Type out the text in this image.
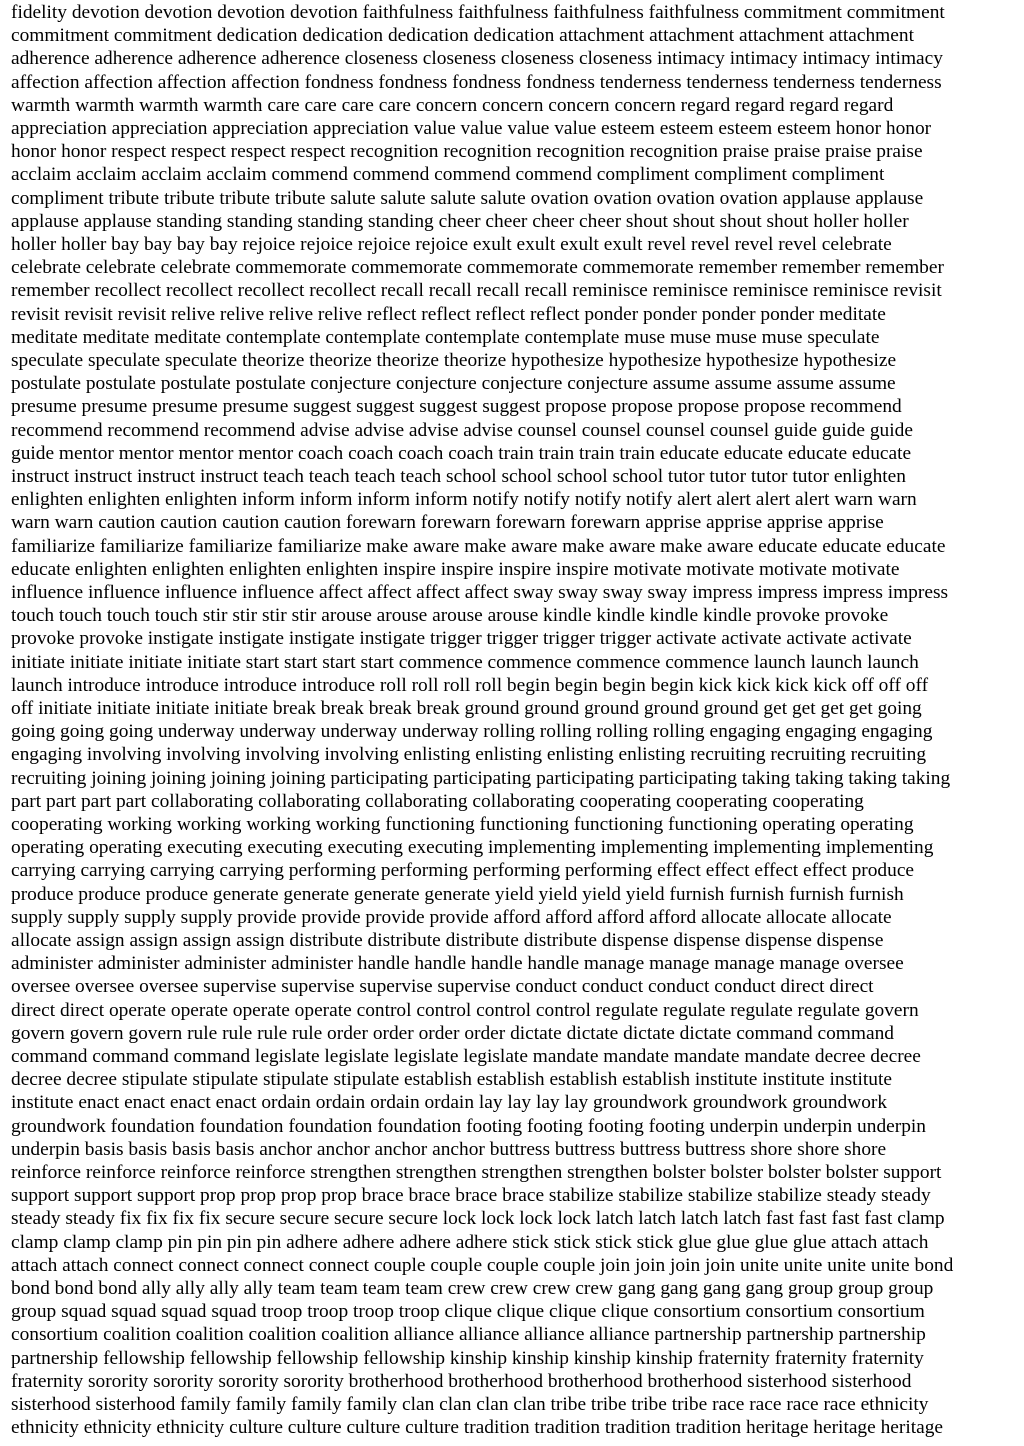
fidelity devotion devotion devotion devotion faithfulness faithfulness faithfulness faithfulness commitment commitment
commitment commitment dedication dedication dedication dedication attachment attachment attachment attachment
adherence adherence adherence adherence closeness closeness closeness closeness intimacy intimacy intimacy intimacy
affection affection affection affection fondness fondness fondness fondness tenderness tenderness tenderness tenderness
warmth warmth warmth warmth care care care care concern concern concern concern regard regard regard regard
appreciation appreciation appreciation appreciation value value value value esteem esteem esteem esteem honor honor
honor honor respect respect respect respect recognition recognition recognition recognition praise praise praise praise
acclaim acclaim acclaim acclaim commend commend commend commend compliment compliment compliment
compliment tribute tribute tribute tribute salute salute salute salute ovation ovation ovation ovation applause applause
applause applause standing standing standing standing cheer cheer cheer cheer shout shout shout shout holler holler
holler holler bay bay bay bay rejoice rejoice rejoice rejoice exult exult exult exult revel revel revel revel celebrate
celebrate celebrate celebrate commemorate commemorate commemorate commemorate remember remember remember
remember recollect recollect recollect recollect recall recall recall recall reminisce reminisce reminisce reminisce revisit
revisit revisit revisit relive relive relive relive reflect reflect reflect reflect ponder ponder ponder ponder meditate
meditate meditate meditate contemplate contemplate contemplate contemplate muse muse muse muse speculate
speculate speculate speculate theorize theorize theorize theorize hypothesize hypothesize hypothesize hypothesize
postulate postulate postulate postulate conjecture conjecture conjecture conjecture assume assume assume assume
presume presume presume presume suggest suggest suggest suggest propose propose propose propose recommend
recommend recommend recommend advise advise advise advise counsel counsel counsel counsel guide guide guide
guide mentor mentor mentor mentor coach coach coach coach train train train train educate educate educate educate
instruct instruct instruct instruct teach teach teach teach school school school school tutor tutor tutor tutor enlighten
enlighten enlighten enlighten inform inform inform inform notify notify notify notify alert alert alert alert warn warn
warn warn caution caution caution caution forewarn forewarn forewarn forewarn apprise apprise apprise apprise
familiarize familiarize familiarize familiarize make aware make aware make aware make aware educate educate educate
educate enlighten enlighten enlighten enlighten inspire inspire inspire inspire motivate motivate motivate motivate
influence influence influence influence affect affect affect affect sway sway sway sway impress impress impress impress
touch touch touch touch stir stir stir stir arouse arouse arouse arouse kindle kindle kindle kindle provoke provoke
provoke provoke instigate instigate instigate instigate trigger trigger trigger trigger activate activate activate activate
initiate initiate initiate initiate start start start start commence commence commence commence launch launch launch
launch introduce introduce introduce introduce roll roll roll roll begin begin begin begin kick kick kick kick off off off
off initiate initiate initiate initiate break break break break ground ground ground ground ground get get get get going
going going going underway underway underway underway rolling rolling rolling rolling engaging engaging engaging
engaging involving involving involving involving enlisting enlisting enlisting enlisting recruiting recruiting recruiting
recruiting joining joining joining joining participating participating participating participating taking taking taking taking
part part part part collaborating collaborating collaborating collaborating cooperating cooperating cooperating
cooperating working working working working functioning functioning functioning functioning operating operating
operating operating executing executing executing executing implementing implementing implementing implementing
carrying carrying carrying carrying performing performing performing performing effect effect effect effect produce
produce produce produce generate generate generate generate yield yield yield yield furnish furnish furnish furnish
supply supply supply supply provide provide provide provide afford afford afford afford allocate allocate allocate
allocate assign assign assign assign distribute distribute distribute distribute dispense dispense dispense dispense
administer administer administer administer handle handle handle handle manage manage manage manage oversee
oversee oversee oversee supervise supervise supervise supervise conduct conduct conduct conduct direct direct
direct direct operate operate operate operate control control control control regulate regulate regulate regulate govern
govern govern govern rule rule rule rule order order order order dictate dictate dictate dictate command command
command command command legislate legislate legislate legislate mandate mandate mandate mandate decree decree
decree decree stipulate stipulate stipulate stipulate establish establish establish establish institute institute institute
institute enact enact enact enact ordain ordain ordain ordain lay lay lay lay groundwork groundwork groundwork
groundwork foundation foundation foundation foundation footing footing footing footing underpin underpin underpin
underpin basis basis basis basis anchor anchor anchor anchor buttress buttress buttress buttress shore shore shore
reinforce reinforce reinforce reinforce strengthen strengthen strengthen strengthen bolster bolster bolster bolster support
support support support prop prop prop prop brace brace brace brace stabilize stabilize stabilize stabilize steady steady
steady steady fix fix fix fix secure secure secure secure lock lock lock lock latch latch latch latch fast fast fast fast clamp
clamp clamp clamp pin pin pin pin adhere adhere adhere adhere stick stick stick stick glue glue glue glue attach attach
attach attach connect connect connect connect couple couple couple couple join join join join unite unite unite unite bond
bond bond bond ally ally ally ally team team team team crew crew crew crew gang gang gang gang group group group
group squad squad squad squad troop troop troop troop clique clique clique clique consortium consortium consortium
consortium coalition coalition coalition coalition alliance alliance alliance alliance partnership partnership partnership
partnership fellowship fellowship fellowship fellowship kinship kinship kinship kinship fraternity fraternity fraternity
fraternity sorority sorority sorority sorority brotherhood brotherhood brotherhood brotherhood sisterhood sisterhood
sisterhood sisterhood family family family family clan clan clan clan tribe tribe tribe tribe race race race race ethnicity
ethnicity ethnicity ethnicity culture culture culture culture tradition tradition tradition tradition heritage heritage heritage
